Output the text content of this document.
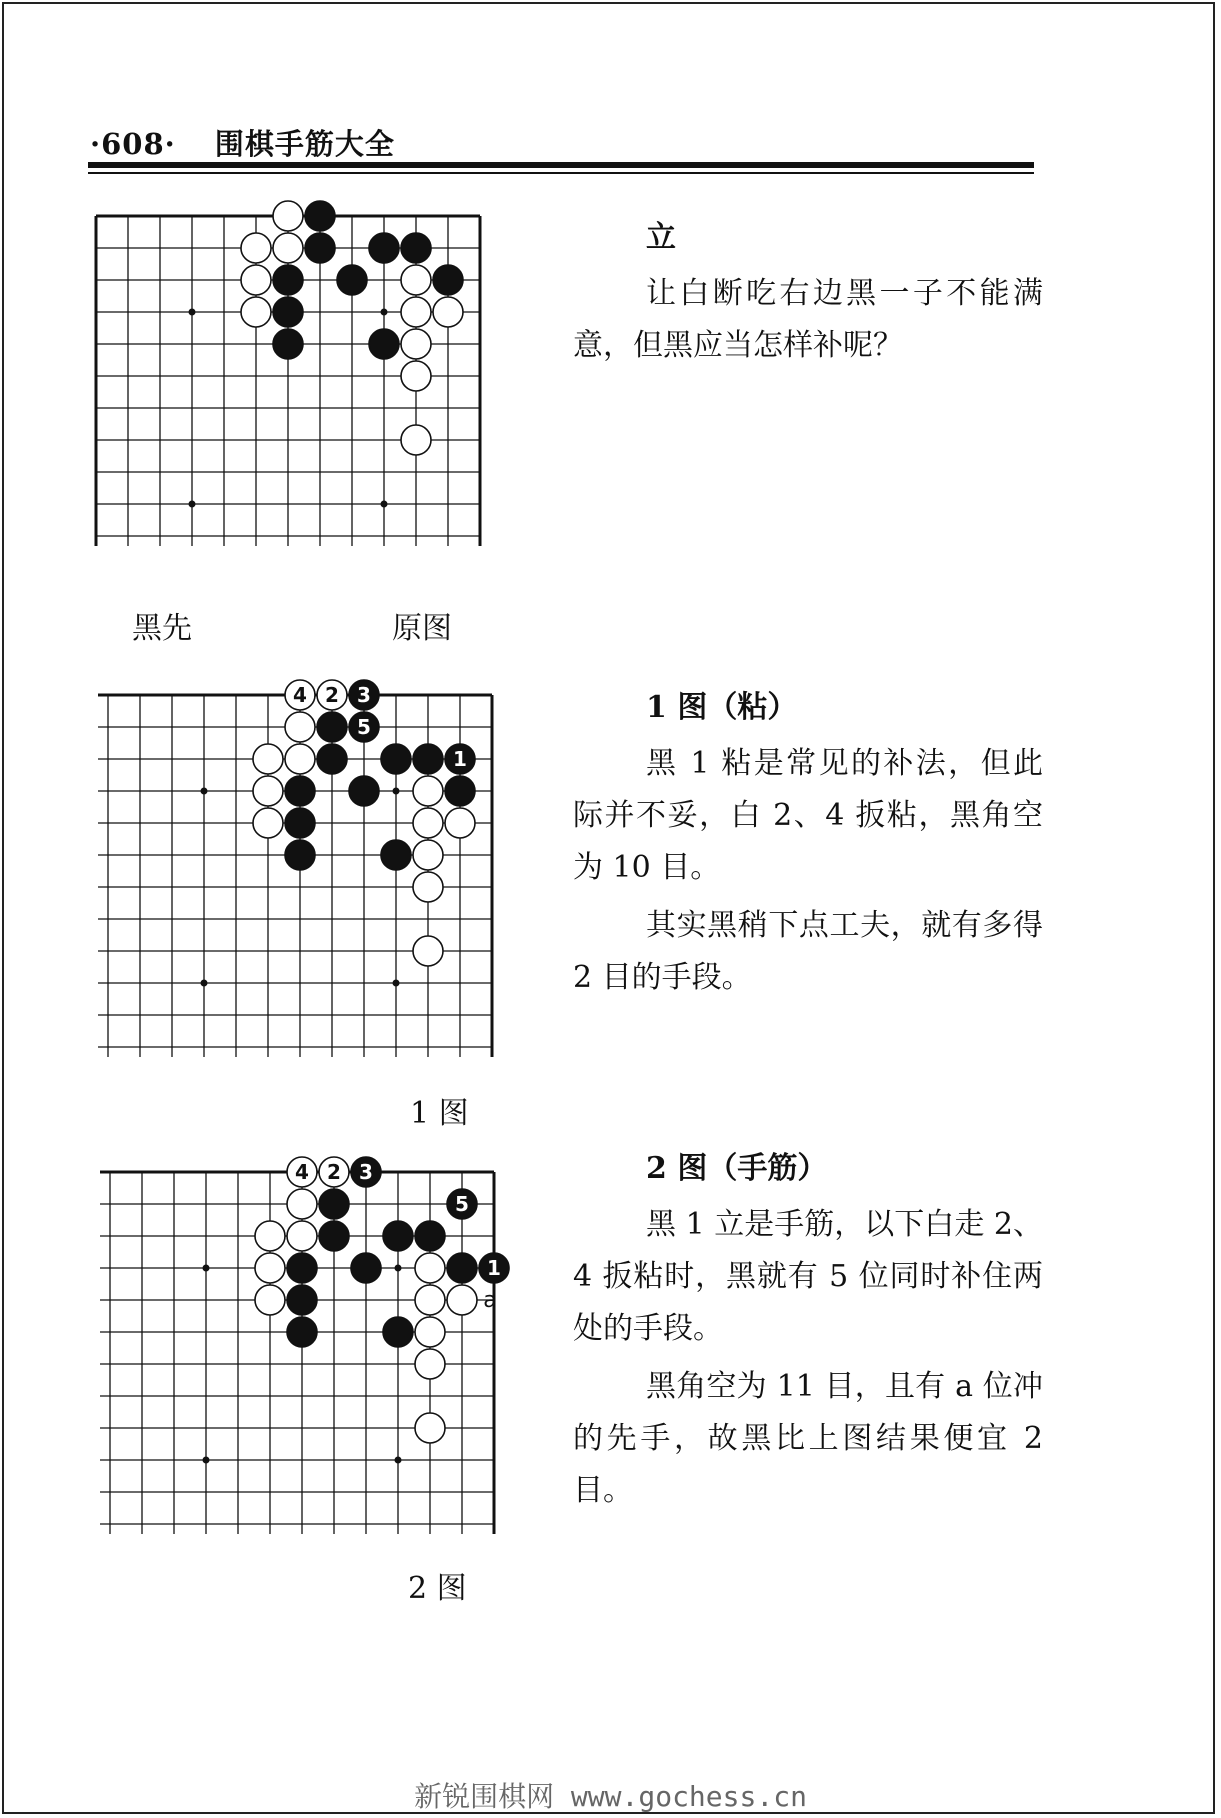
·608· 围棋手筋大全
黑先	原图
立

让白断吃右边黑一子不能满意，但黑应当怎样补呢？

1
2 3
4
5
1 图
1 图（粘）

黑 1 粘是常见的补法，但此际并不妥，白 2、4 扳粘，黑角空为 10 目。

其实黑稍下点工夫，就有多得 2 目的手段。

1
2 3
4
5
a
2 图
2 图（手筋）

黑 1 立是手筋，以下白走 2、4 扳粘时，黑就有 5 位同时补住两处的手段。

黑角空为 11 目，且有 a 位冲的先手，故黑比上图结果便宜 2 目。

新锐围棋网 www.gochess.cn
